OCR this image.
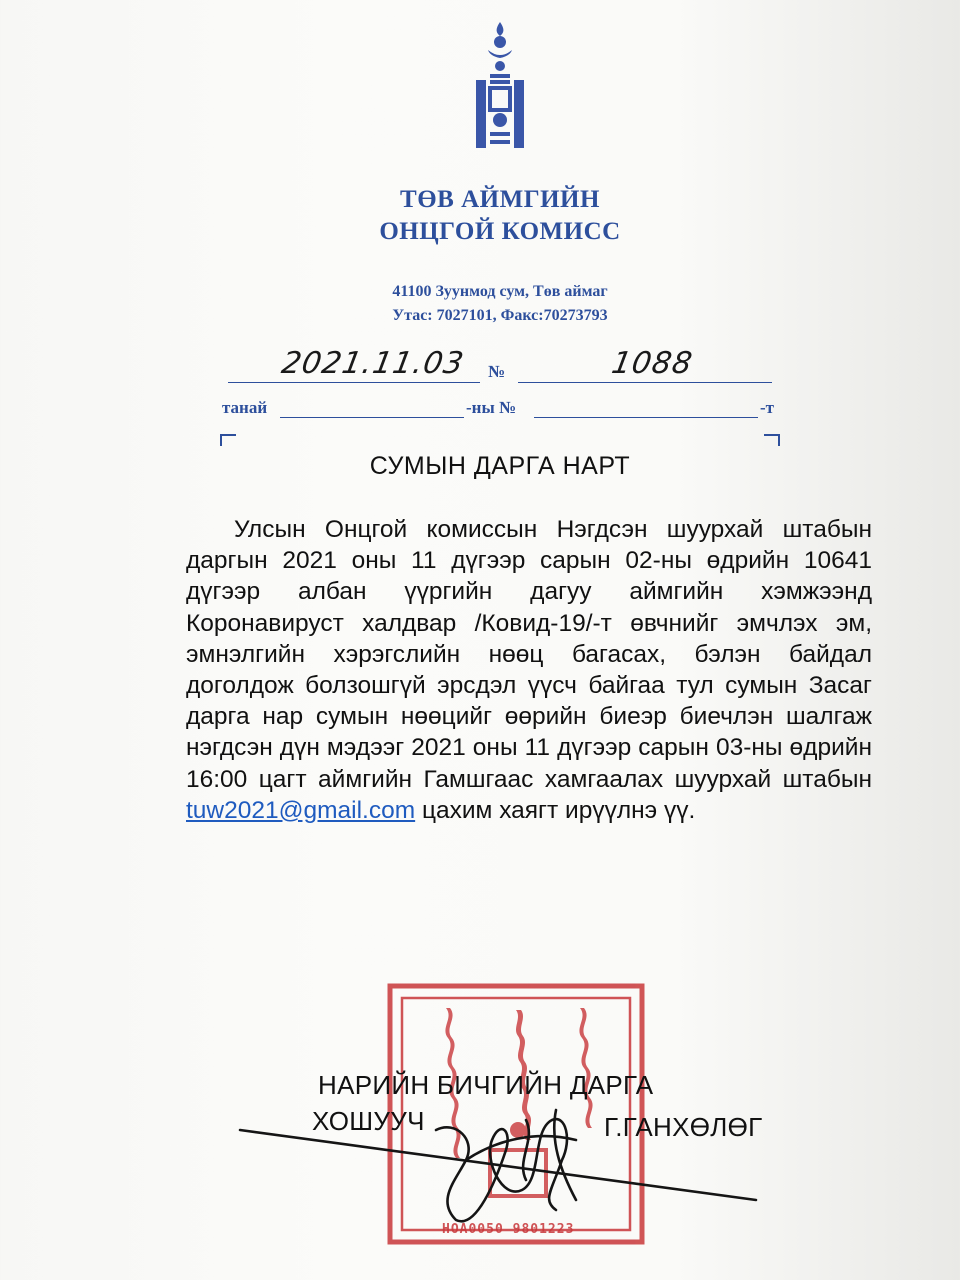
ТӨВ АЙМГИЙН
ОНЦГОЙ КОМИСС
41100 Зуунмод сум, Төв аймаг
Утас: 7027101, Факс:70273793
2021.11.03 №	1088
танай	-ны №	-т
СУМЫН ДАРГА НАРТ
Улсын Онцгой комиссын Нэгдсэн шуурхай штабын даргын 2021 оны 11 дүгээр сарын 02-ны өдрийн 10641 дүгээр албан үүргийн дагуу аймгийн хэмжээнд Коронавируст халдвар /Ковид-19/-т өвчнийг эмчлэх эм, эмнэлгийн хэрэгслийн нөөц багасах, бэлэн байдал доголдож болзошгүй эрсдэл үүсч байгаа тул сумын Засаг дарга нар сумын нөөцийг өөрийн биеэр биечлэн шалгаж нэгдсэн дүн мэдээг 2021 оны 11 дүгээр сарын 03-ны өдрийн 16:00 цагт аймгийн Гамшгаас хамгаалах шуурхай штабын tuw2021@gmail.com цахим хаягт ирүүлнэ үү.
НОА0050 9801223
НАРИЙН БИЧГИЙН ДАРГА
ХОШУУЧ	Г.ГАНХӨЛӨГ
